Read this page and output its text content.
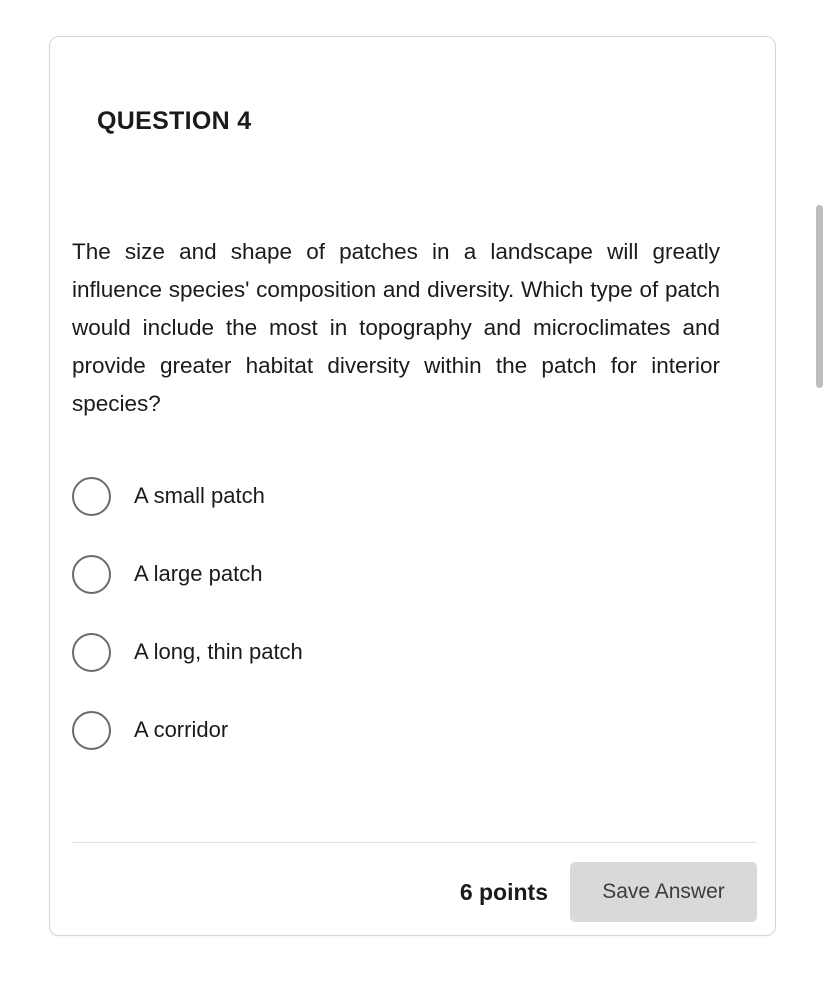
QUESTION 4
The size and shape of patches in a landscape will greatly influence species' composition and diversity. Which type of patch would include the most in topography and microclimates and provide greater habitat diversity within the patch for interior species?
A small patch
A large patch
A long, thin patch
A corridor
6 points	Save Answer
